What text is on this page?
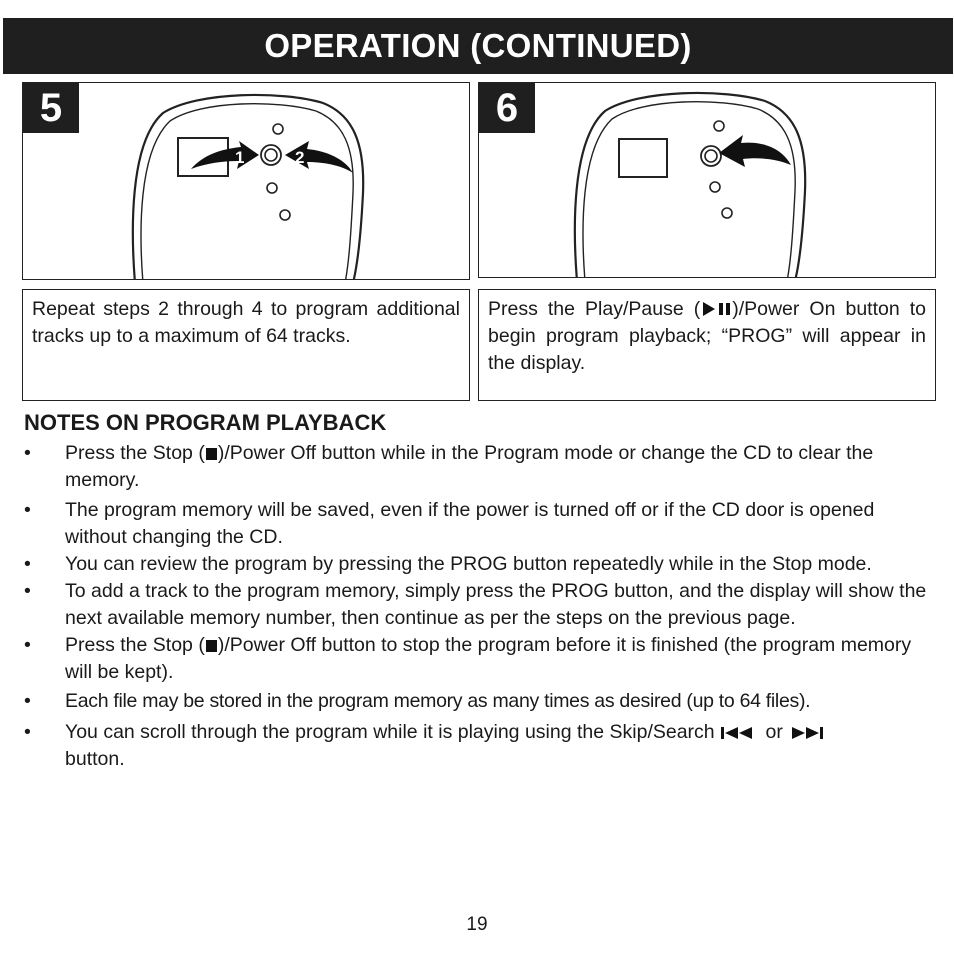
OPERATION (CONTINUED)
1	2
5	6
Repeat steps 2 through 4 to program additional tracks up to a maximum of 64 tracks.
Press the Play/Pause ( )/Power On button to begin program playback; “PROG” will appear in the display.
NOTES ON PROGRAM PLAYBACK
• Press the Stop ( )/Power Off button while in the Program mode or change the CD to clear the memory.
• The program memory will be saved, even if the power is turned off or if the CD door is opened without changing the CD.
• You can review the program by pressing the PROG button repeatedly while in the Stop mode.
• To add a track to the program memory, simply press the PROG button, and the display will show the next available memory number, then continue as per the steps on the previous page.
• Press the Stop ( )/Power Off button to stop the program before it is finished (the program memory will be kept).
• Each file may be stored in the program memory as many times as desired (up to 64 files).
• You can scroll through the program while it is playing using the Skip/Search  or
button.
19
